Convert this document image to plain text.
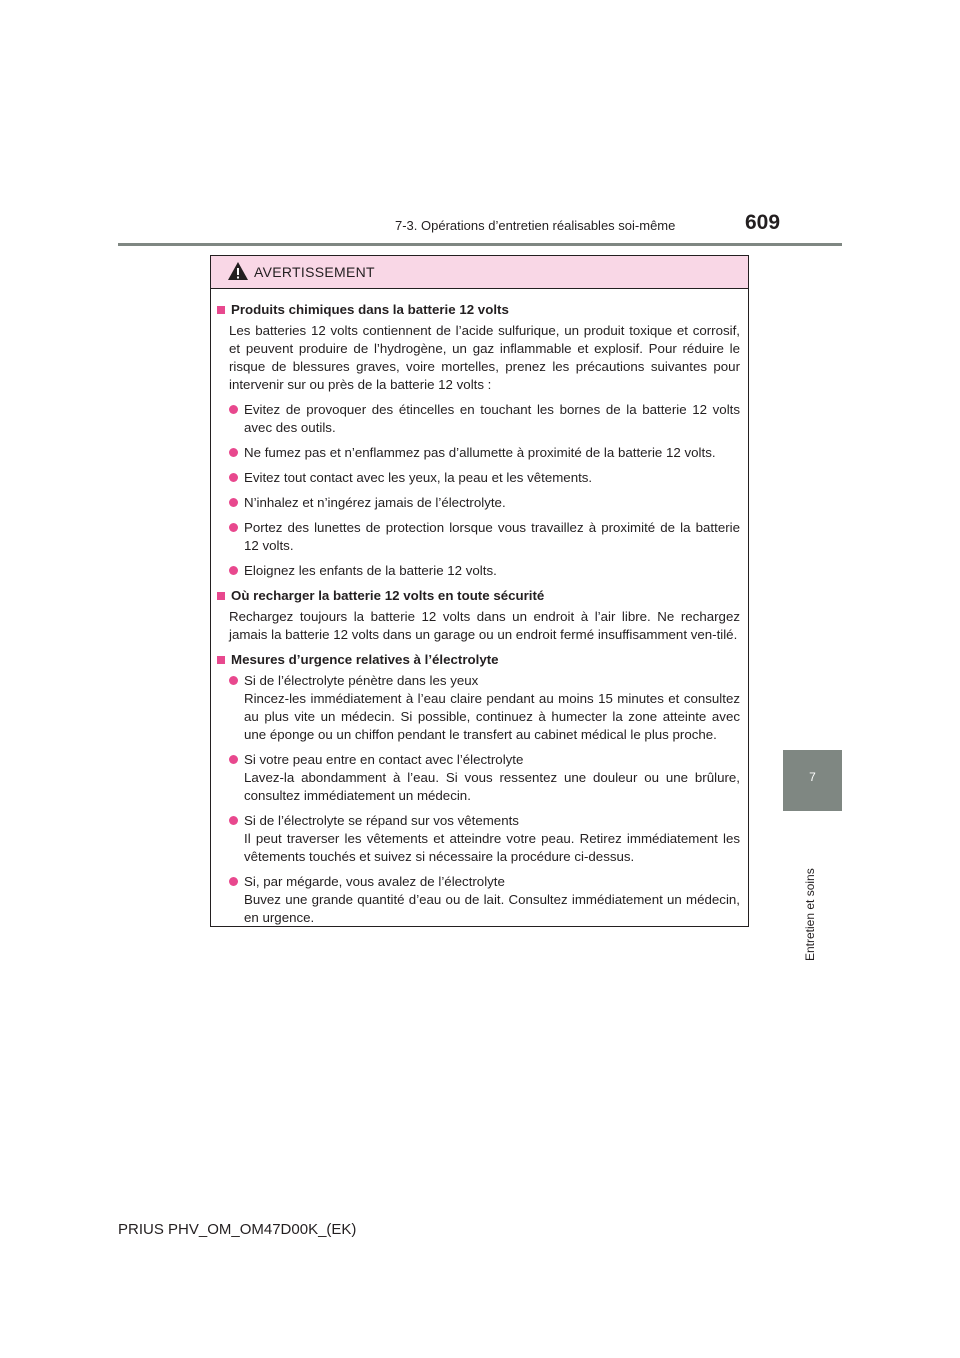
7-3. Opérations d’entretien réalisables soi-même	609
7
Entretien et soins
AVERTISSEMENT
Produits chimiques dans la batterie 12 volts
Les batteries 12 volts contiennent de l’acide sulfurique, un produit toxique et corrosif, et peuvent produire de l’hydrogène, un gaz inflammable et explosif. Pour réduire le risque de blessures graves, voire mortelles, prenez les précautions suivantes pour intervenir sur ou près de la batterie 12 volts :
Evitez de provoquer des étincelles en touchant les bornes de la batterie 12 volts avec des outils.
Ne fumez pas et n’enflammez pas d’allumette à proximité de la batterie 12 volts.
Evitez tout contact avec les yeux, la peau et les vêtements.
N’inhalez et n’ingérez jamais de l’électrolyte.
Portez des lunettes de protection lorsque vous travaillez à proximité de la batterie 12 volts.
Eloignez les enfants de la batterie 12 volts.
Où recharger la batterie 12 volts en toute sécurité
Rechargez toujours la batterie 12 volts dans un endroit à l’air libre. Ne rechargez jamais la batterie 12 volts dans un garage ou un endroit fermé insuffisamment ven-tilé.
Mesures d’urgence relatives à l’électrolyte
Si de l’électrolyte pénètre dans les yeux
Rincez-les immédiatement à l’eau claire pendant au moins 15 minutes et consultez au plus vite un médecin. Si possible, continuez à humecter la zone atteinte avec une éponge ou un chiffon pendant le transfert au cabinet médical le plus proche.
Si votre peau entre en contact avec l’électrolyte
Lavez-la abondamment à l’eau. Si vous ressentez une douleur ou une brûlure, consultez immédiatement un médecin.
Si de l’électrolyte se répand sur vos vêtements
Il peut traverser les vêtements et atteindre votre peau. Retirez immédiatement les vêtements touchés et suivez si nécessaire la procédure ci-dessus.
Si, par mégarde, vous avalez de l’électrolyte
Buvez une grande quantité d’eau ou de lait. Consultez immédiatement un médecin, en urgence.
PRIUS PHV_OM_OM47D00K_(EK)
